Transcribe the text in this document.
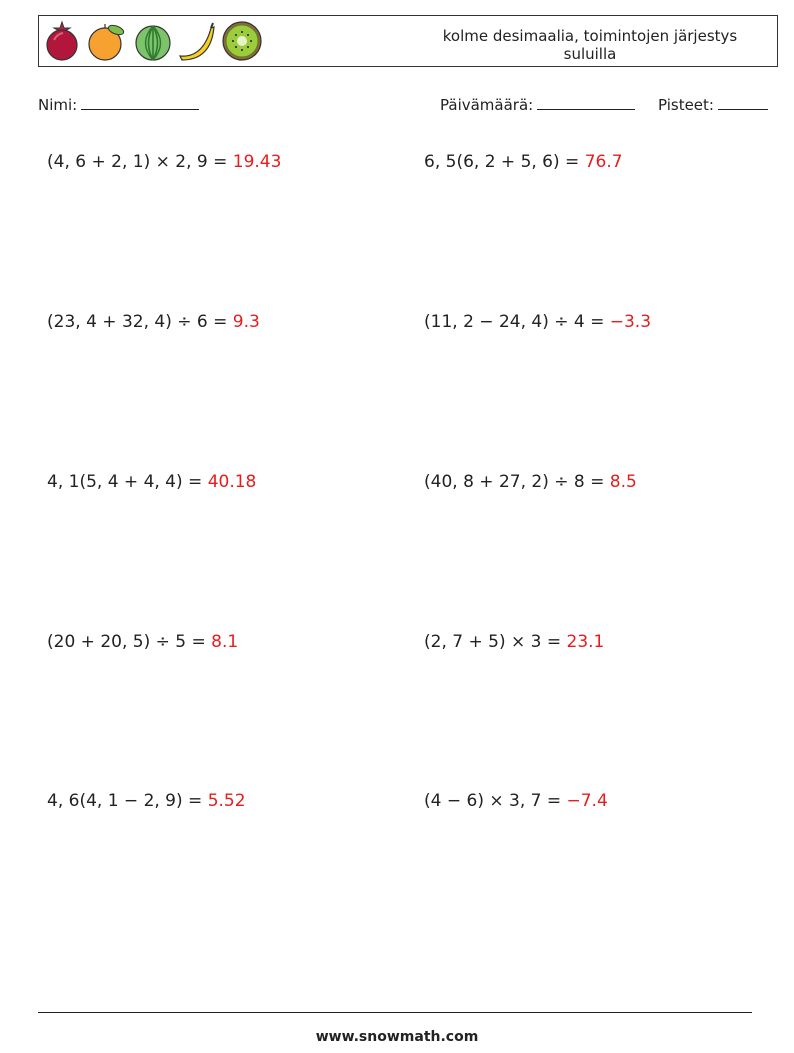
kolme desimaalia, toimintojen järjestys
suluilla
Nimi:	Päivämäärä:	Pisteet:
(4, 6 + 2, 1) × 2, 9 = 19.43	6, 5(6, 2 + 5, 6) = 76.7
(23, 4 + 32, 4) ÷ 6 = 9.3	(11, 2 − 24, 4) ÷ 4 = −3.3
4, 1(5, 4 + 4, 4) = 40.18	(40, 8 + 27, 2) ÷ 8 = 8.5
(20 + 20, 5) ÷ 5 = 8.1	(2, 7 + 5) × 3 = 23.1
4, 6(4, 1 − 2, 9) = 5.52	(4 − 6) × 3, 7 = −7.4
www.snowmath.com
